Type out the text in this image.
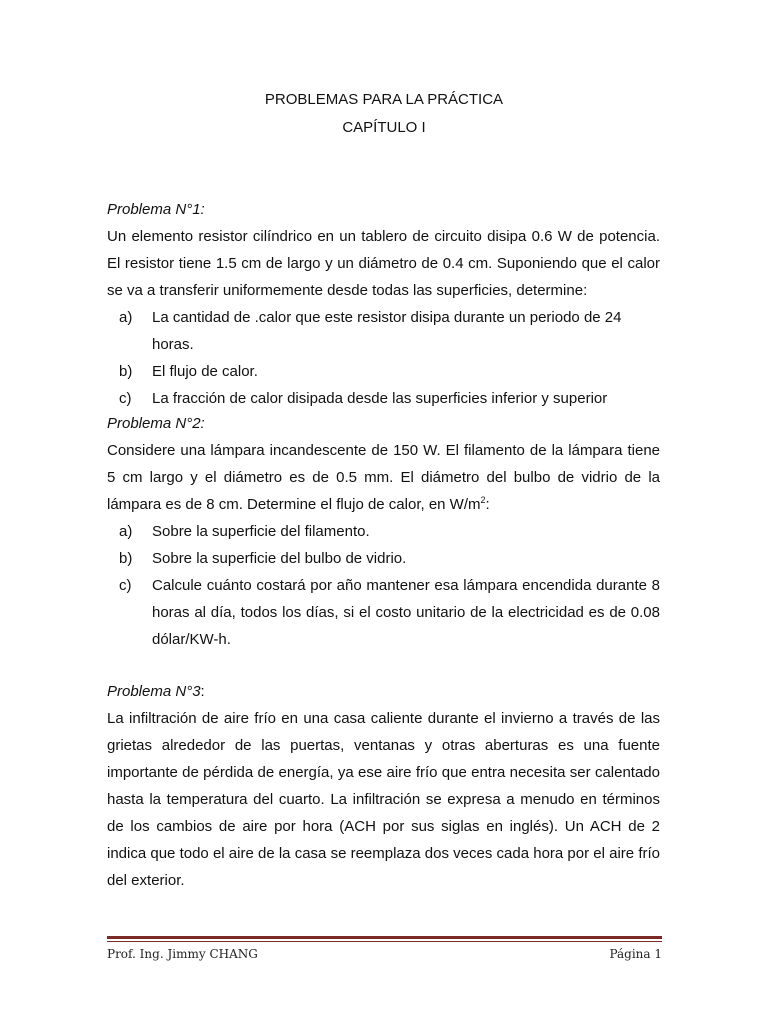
PROBLEMAS PARA LA PRÁCTICA
CAPÍTULO I
Problema N°1:

Un elemento resistor cilíndrico en un tablero de circuito disipa 0.6 W de potencia. El resistor tiene 1.5 cm de largo y un diámetro de 0.4 cm. Suponiendo que el calor se va a transferir uniformemente desde todas las superficies, determine:

a) La cantidad de .calor que este resistor disipa durante un periodo de 24 horas.
b) El flujo de calor.
c) La fracción de calor disipada desde las superficies inferior y superior
Problema N°2:

Considere una lámpara incandescente de 150 W. El filamento de la lámpara tiene 5 cm largo y el diámetro es de 0.5 mm. El diámetro del bulbo de vidrio de la lámpara es de 8 cm. Determine el flujo de calor, en $W/m^2$:

a) Sobre la superficie del filamento.
b) Sobre la superficie del bulbo de vidrio.
c) Calcule cuánto costará por año mantener esa lámpara encendida durante 8 horas al día, todos los días, si el costo unitario de la electricidad es de 0.08 dólar/KW-h.
Problema N°3:

La infiltración de aire frío en una casa caliente durante el invierno a través de las grietas alrededor de las puertas, ventanas y otras aberturas es una fuente importante de pérdida de energía, ya ese aire frío que entra necesita ser calentado hasta la temperatura del cuarto. La infiltración se expresa a menudo en términos de los cambios de aire por hora (ACH por sus siglas en inglés). Un ACH de 2 indica que todo el aire de la casa se reemplaza dos veces cada hora por el aire frío del exterior.

Prof. Ing. Jimmy CHANG	Página 1
